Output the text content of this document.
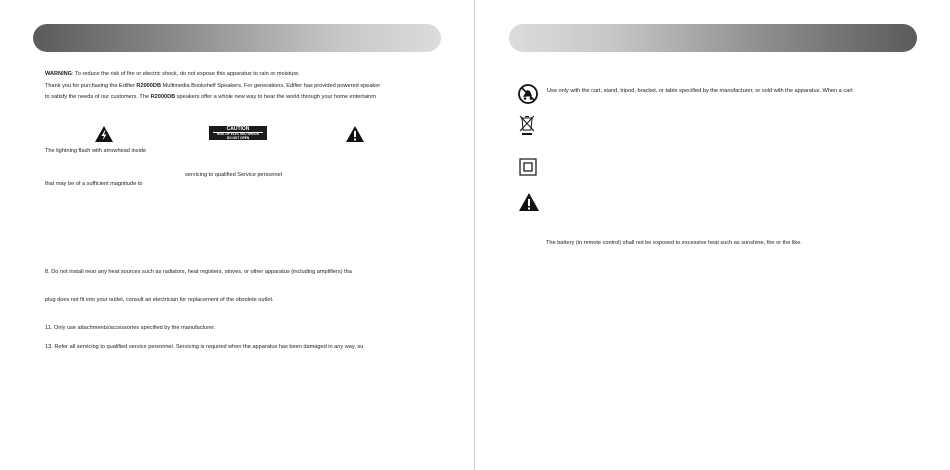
WARNING: To reduce the risk of fire or electric shock, do not expose this apparatus to rain or moisture.
Thank you for purchasing the Edifier R2000DB Multimedia Bookshelf Speakers. For generations, Edifier has provided powered speaker
to satisfy the needs of our customers. The R2000DB speakers offer a whole new way to hear the world through your home entertainm
CAUTION
RISK OF ELECTRIC SHOCK
DO NOT OPEN
The lightning flash with arrowhead inside
servicing to qualified Service personnel
that may be of a sufficient magnitude to
8. Do not install near any heat sources such as radiators, heat registers, stoves, or other apparatus (including amplifiers) tha
plug does not fit into your outlet, consult an electrician for replacement of the obsolete outlet.
11. Only use attachments/accessories specified by the manufacturer.
13. Refer all servicing to qualified service personnel. Servicing is required when the apparatus has been damaged in any way, su
Use only with the cart, stand, tripod, bracket, or table specified by the manufacturer, or sold with the apparatus. When a cart
The battery (in remote control) shall not be exposed to excessive heat such as sunshine, fire or the like.
